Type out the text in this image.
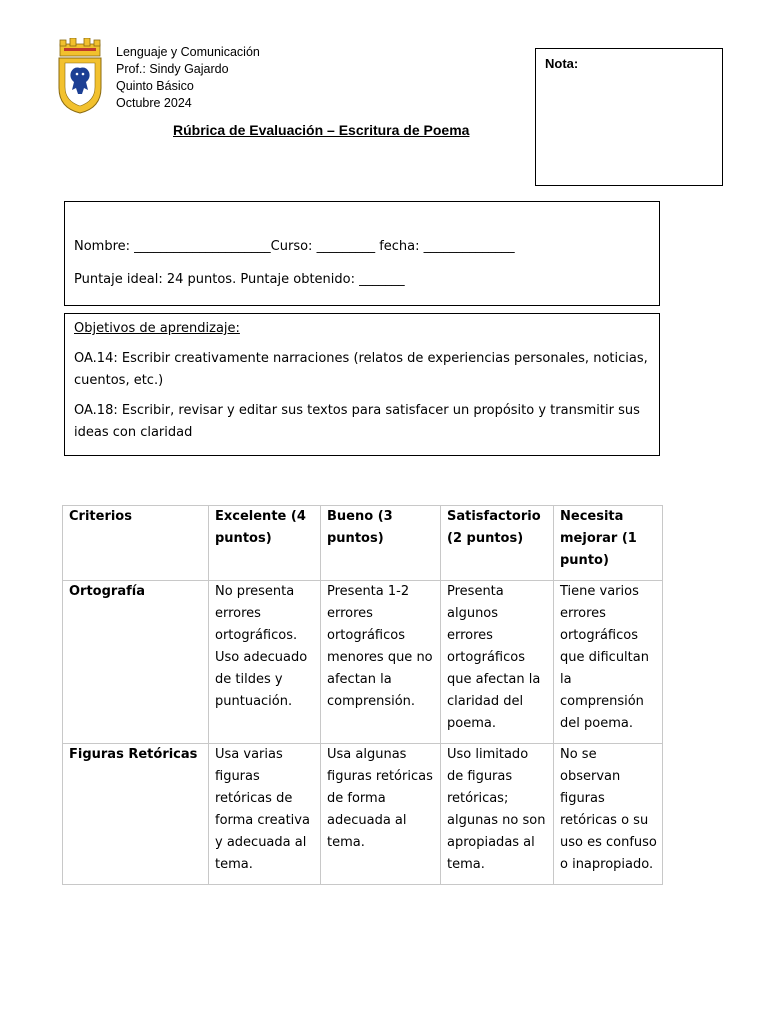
Lenguaje y Comunicación
Prof.: Sindy Gajardo
Quinto Básico
Octubre 2024
Rúbrica de Evaluación – Escritura de Poema
Nota:
Nombre: _____________________Curso: _________ fecha: ______________
Puntaje ideal: 24 puntos. Puntaje obtenido: _______
Objetivos de aprendizaje:
OA.14: Escribir creativamente narraciones (relatos de experiencias personales, noticias, cuentos, etc.)
OA.18: Escribir, revisar y editar sus textos para satisfacer un propósito y transmitir sus ideas con claridad
Criterios	Excelente (4 puntos)	Bueno (3 puntos)	Satisfactorio (2 puntos)	Necesita mejorar (1 punto)
Ortografía	No presenta errores ortográficos. Uso adecuado de tildes y puntuación.	Presenta 1-2 errores ortográficos menores que no afectan la comprensión.	Presenta algunos errores ortográficos que afectan la claridad del poema.	Tiene varios errores ortográficos que dificultan la comprensión del poema.
Figuras Retóricas	Usa varias figuras retóricas de forma creativa y adecuada al tema.	Usa algunas figuras retóricas de forma adecuada al tema.	Uso limitado de figuras retóricas; algunas no son apropiadas al tema.	No se observan figuras retóricas o su uso es confuso o inapropiado.
